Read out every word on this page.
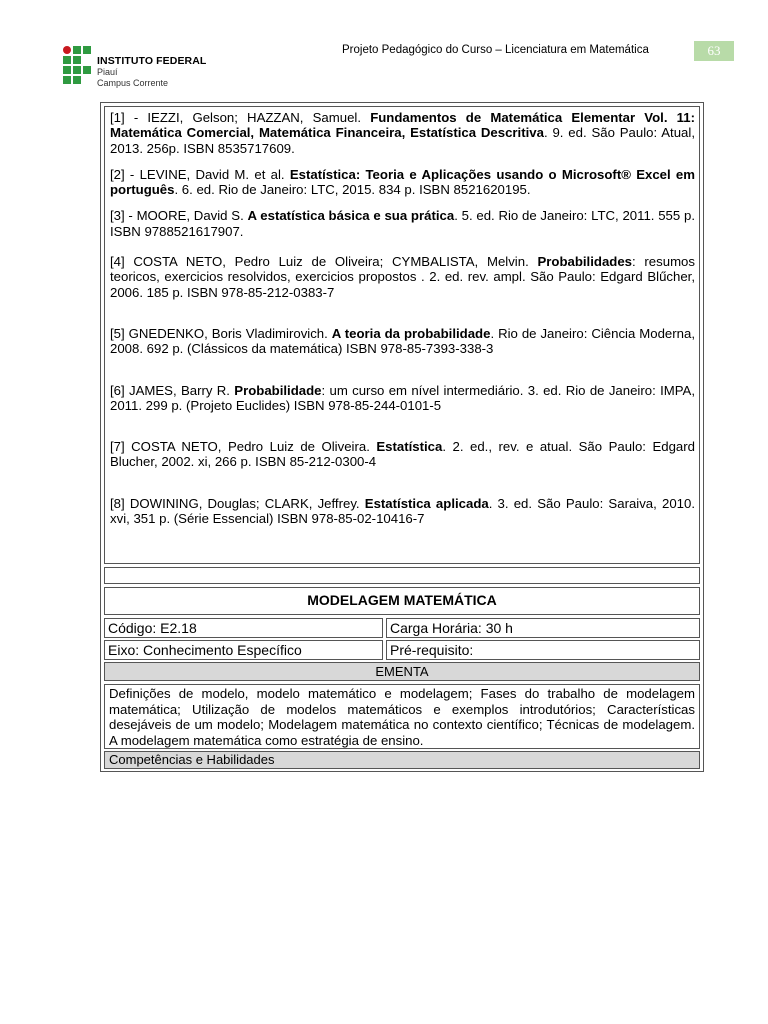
INSTITUTO FEDERAL
Piauí
Campus Corrente
Projeto Pedagógico do Curso – Licenciatura em Matemática	63

[1] - IEZZI, Gelson; HAZZAN, Samuel. Fundamentos de Matemática Elementar Vol. 11: Matemática Comercial, Matemática Financeira, Estatística Descritiva. 9. ed. São Paulo: Atual, 2013. 256p. ISBN 8535717609.

[2] - LEVINE, David M. et al. Estatística: Teoria e Aplicações usando o Microsoft® Excel em português. 6. ed. Rio de Janeiro: LTC, 2015. 834 p. ISBN 8521620195.

[3] - MOORE, David S. A estatística básica e sua prática. 5. ed. Rio de Janeiro: LTC, 2011. 555 p. ISBN 9788521617907.

[4] COSTA NETO, Pedro Luiz de Oliveira; CYMBALISTA, Melvin. Probabilidades: resumos teoricos, exercicios resolvidos, exercicios propostos . 2. ed. rev. ampl. São Paulo: Edgard Blűcher, 2006. 185 p. ISBN 978-85-212-0383-7

[5] GNEDENKO, Boris Vladimirovich. A teoria da probabilidade. Rio de Janeiro: Ciência Moderna, 2008. 692 p. (Clássicos da matemática) ISBN 978-85-7393-338-3

[6] JAMES, Barry R. Probabilidade: um curso em nível intermediário. 3. ed. Rio de Janeiro: IMPA, 2011. 299 p. (Projeto Euclides) ISBN 978-85-244-0101-5

[7] COSTA NETO, Pedro Luiz de Oliveira. Estatística. 2. ed., rev. e atual. São Paulo: Edgard Blucher, 2002. xi, 266 p. ISBN 85-212-0300-4

[8] DOWINING, Douglas; CLARK, Jeffrey. Estatística aplicada. 3. ed. São Paulo: Saraiva, 2010. xvi, 351 p. (Série Essencial) ISBN 978-85-02-10416-7

MODELAGEM MATEMÁTICA
Código: E2.18	Carga Horária: 30 h
Eixo: Conhecimento Específico	Pré-requisito:
EMENTA
Definições de modelo, modelo matemático e modelagem; Fases do trabalho de modelagem matemática; Utilização de modelos matemáticos e exemplos introdutórios; Características desejáveis de um modelo; Modelagem matemática no contexto científico; Técnicas de modelagem. A modelagem matemática como estratégia de ensino.
Competências e Habilidades
